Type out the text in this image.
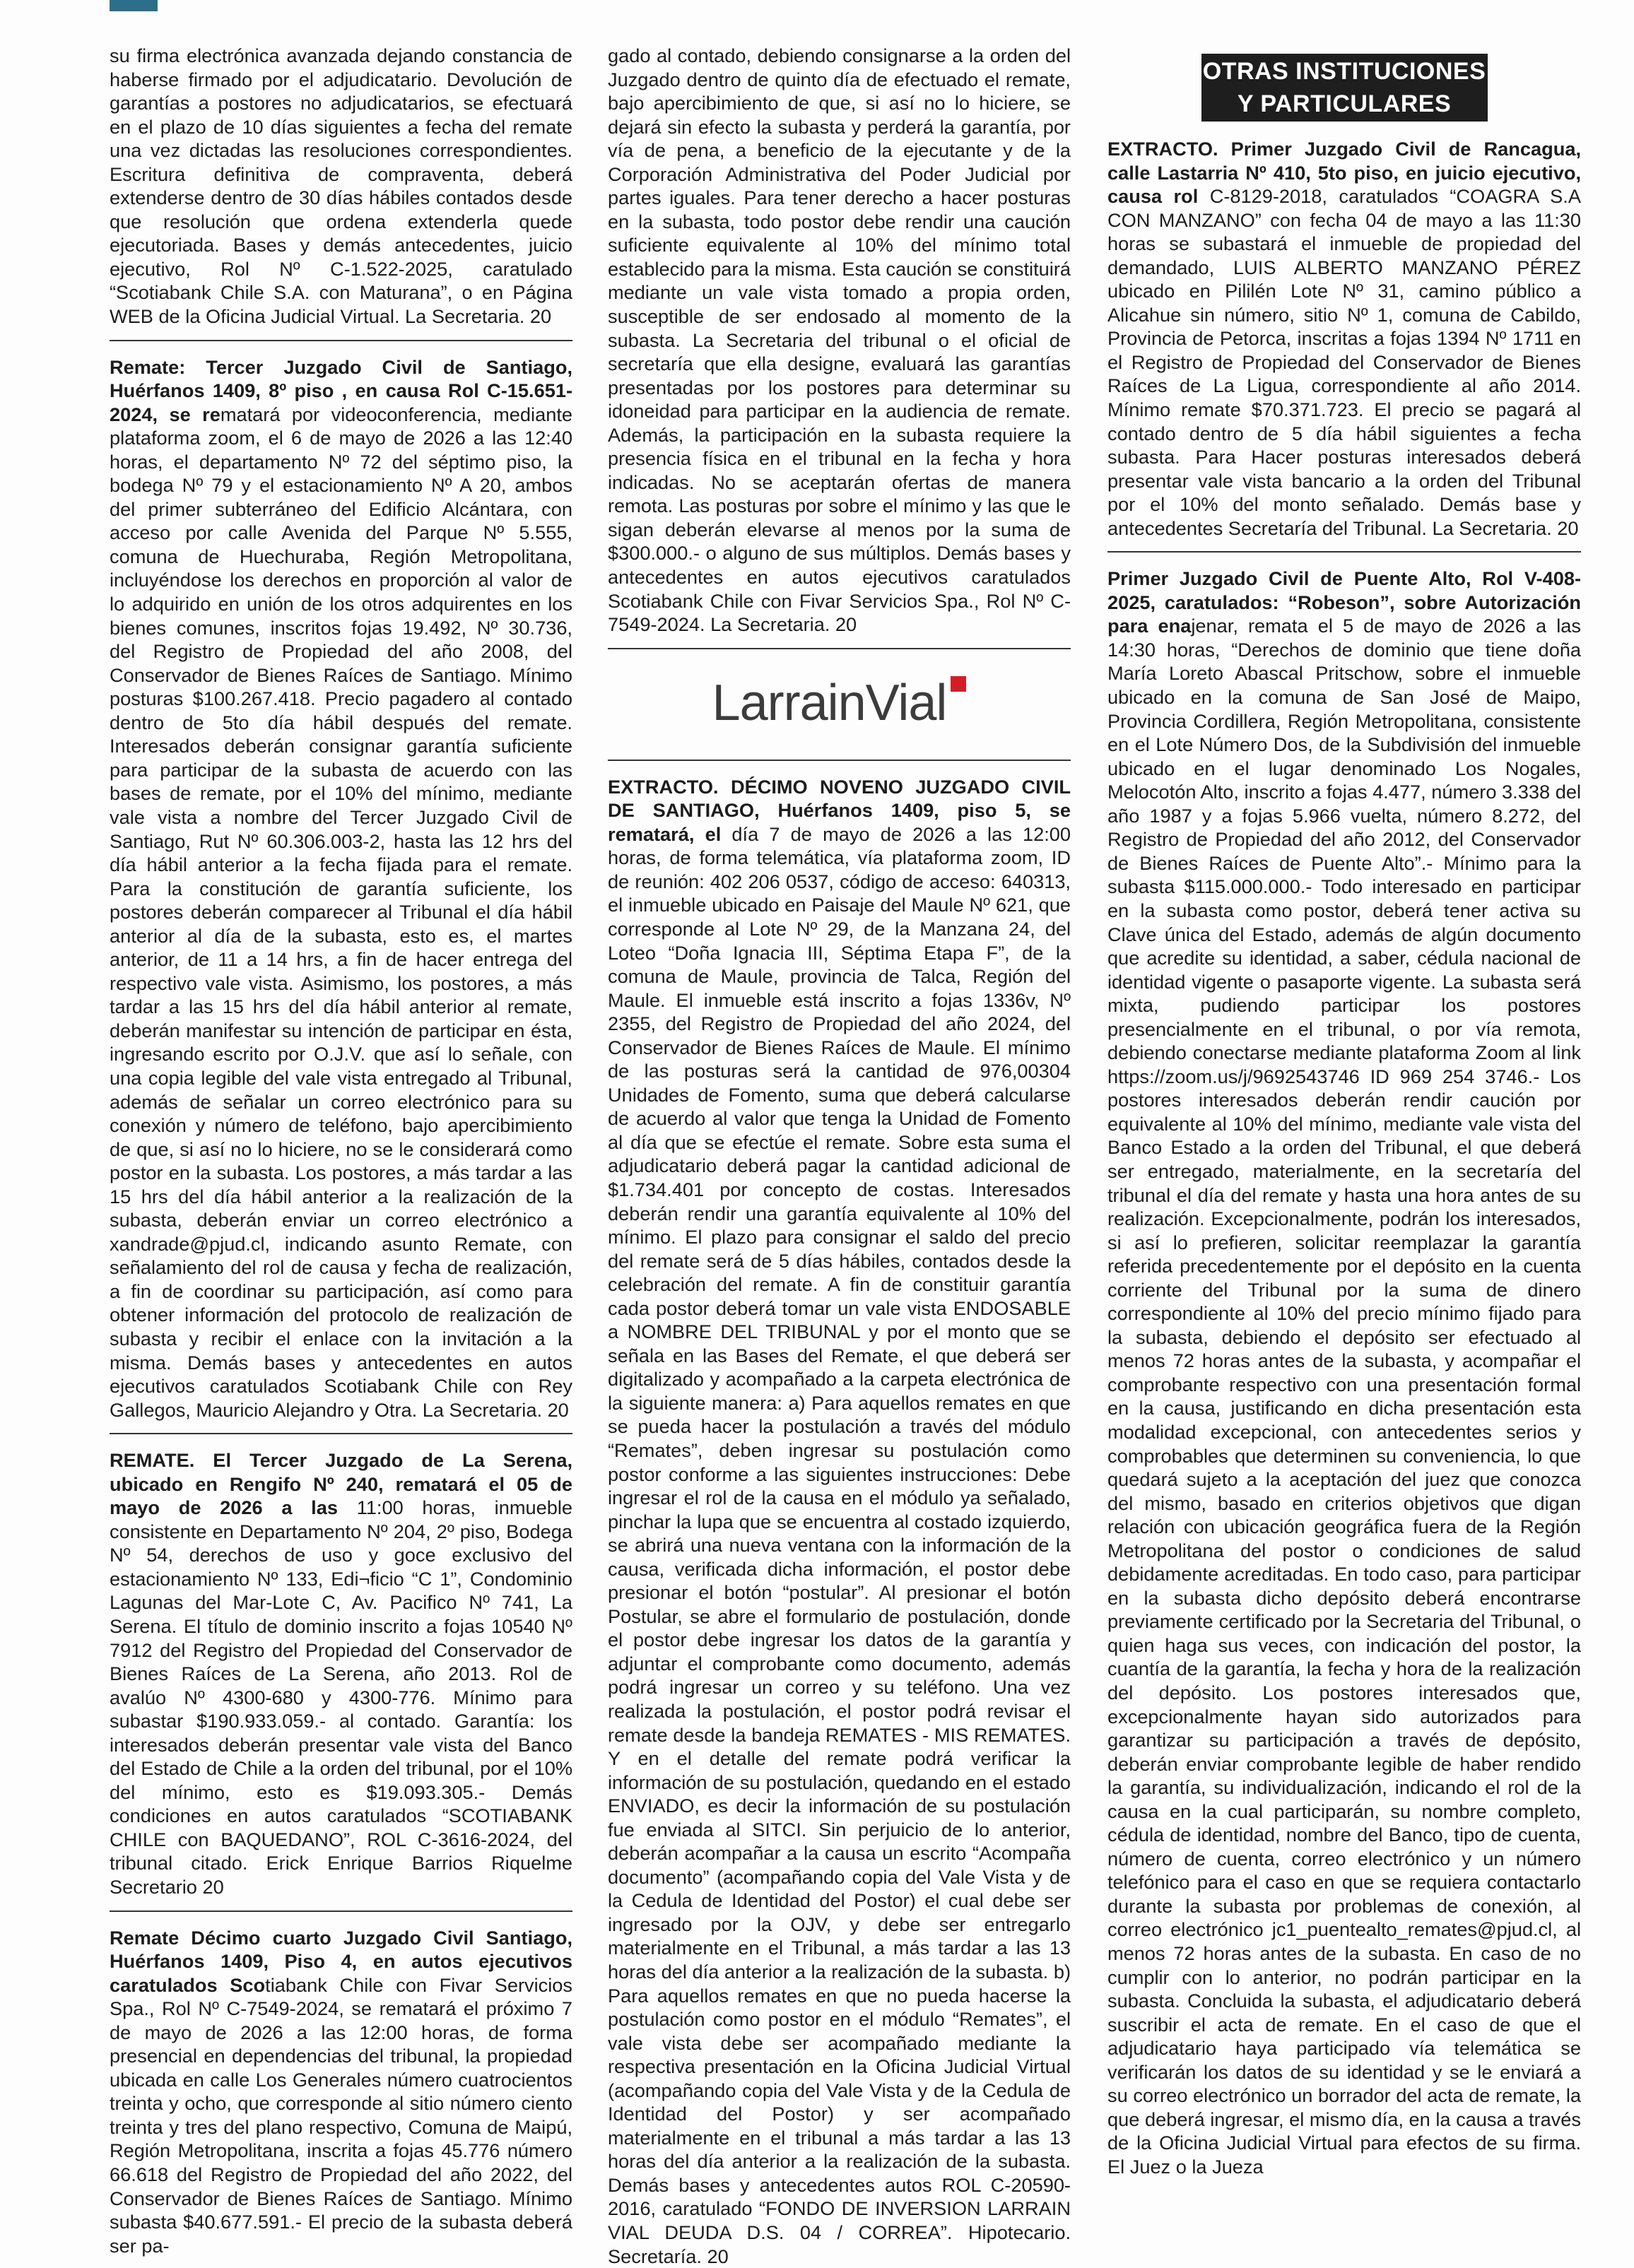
su firma electrónica avanzada dejando constancia de haberse firmado por el adjudicatario. Devolución de garantías a postores no adjudicatarios, se efectuará en el plazo de 10 días siguientes a fecha del remate una vez dictadas las resoluciones correspondientes. Escritura definitiva de compraventa, deberá extenderse dentro de 30 días hábiles contados desde que resolución que ordena extenderla quede ejecutoriada. Bases y demás antecedentes, juicio ejecutivo, Rol Nº C-1.522-2025, caratulado “Scotiabank Chile S.A. con Maturana”, o en Página WEB de la Oficina Judicial Virtual. La Secretaria. 20

Remate: Tercer Juzgado Civil de Santiago, Huérfanos 1409, 8º piso , en causa Rol C-15.651-2024, se rematará por videoconferencia, mediante plataforma zoom, el 6 de mayo de 2026 a las 12:40 horas, el departamento Nº 72 del séptimo piso, la bodega Nº 79 y el estacionamiento Nº A 20, ambos del primer subterráneo del Edificio Alcántara, con acceso por calle Avenida del Parque Nº 5.555, comuna de Huechuraba, Región Metropolitana, incluyéndose los derechos en proporción al valor de lo adquirido en unión de los otros adquirentes en los bienes comunes, inscritos fojas 19.492, Nº 30.736, del Registro de Propiedad del año 2008, del Conservador de Bienes Raíces de Santiago. Mínimo posturas $100.267.418. Precio pagadero al contado dentro de 5to día hábil después del remate. Interesados deberán consignar garantía suficiente para participar de la subasta de acuerdo con las bases de remate, por el 10% del mínimo, mediante vale vista a nombre del Tercer Juzgado Civil de Santiago, Rut Nº 60.306.003-2, hasta las 12 hrs del día hábil anterior a la fecha fijada para el remate. Para la constitución de garantía suficiente, los postores deberán comparecer al Tribunal el día hábil anterior al día de la subasta, esto es, el martes anterior, de 11 a 14 hrs, a fin de hacer entrega del respectivo vale vista. Asimismo, los postores, a más tardar a las 15 hrs del día hábil anterior al remate, deberán manifestar su intención de participar en ésta, ingresando escrito por O.J.V. que así lo señale, con una copia legible del vale vista entregado al Tribunal, además de señalar un correo electrónico para su conexión y número de teléfono, bajo apercibimiento de que, si así no lo hiciere, no se le considerará como postor en la subasta. Los postores, a más tardar a las 15 hrs del día hábil anterior a la realización de la subasta, deberán enviar un correo electrónico a xandrade@pjud.cl, indicando asunto Remate, con señalamiento del rol de causa y fecha de realización, a fin de coordinar su participación, así como para obtener información del protocolo de realización de subasta y recibir el enlace con la invitación a la misma. Demás bases y antecedentes en autos ejecutivos caratulados Scotiabank Chile con Rey Gallegos, Mauricio Alejandro y Otra. La Secretaria. 20

REMATE. El Tercer Juzgado de La Serena, ubicado en Rengifo Nº 240, rematará el 05 de mayo de 2026 a las 11:00 horas, inmueble consistente en Departamento Nº 204, 2º piso, Bodega Nº 54, derechos de uso y goce exclusivo del estacionamiento Nº 133, Edi¬ficio “C 1”, Condominio Lagunas del Mar-Lote C, Av. Pacifico Nº 741, La Serena. El título de dominio inscrito a fojas 10540 Nº 7912 del Registro del Propiedad del Conservador de Bienes Raíces de La Serena, año 2013. Rol de avalúo Nº 4300-680 y 4300-776. Mínimo para subastar $190.933.059.- al contado. Garantía: los interesados deberán presentar vale vista del Banco del Estado de Chile a la orden del tribunal, por el 10% del mínimo, esto es $19.093.305.- Demás condiciones en autos caratulados “SCOTIABANK CHILE con BAQUEDANO”, ROL C-3616-2024, del tribunal citado. Erick Enrique Barrios Riquelme Secretario 20

Remate Décimo cuarto Juzgado Civil Santiago, Huérfanos 1409, Piso 4, en autos ejecutivos caratulados Scotiabank Chile con Fivar Servicios Spa., Rol Nº C-7549-2024, se rematará el próximo 7 de mayo de 2026 a las 12:00 horas, de forma presencial en dependencias del tribunal, la propiedad ubicada en calle Los Generales número cuatrocientos treinta y ocho, que corresponde al sitio número ciento treinta y tres del plano respectivo, Comuna de Maipú, Región Metropolitana, inscrita a fojas 45.776 número 66.618 del Registro de Propiedad del año 2022, del Conservador de Bienes Raíces de Santiago. Mínimo subasta $40.677.591.- El precio de la subasta deberá ser pa-

gado al contado, debiendo consignarse a la orden del Juzgado dentro de quinto día de efectuado el remate, bajo apercibimiento de que, si así no lo hiciere, se dejará sin efecto la subasta y perderá la garantía, por vía de pena, a beneficio de la ejecutante y de la Corporación Administrativa del Poder Judicial por partes iguales. Para tener derecho a hacer posturas en la subasta, todo postor debe rendir una caución suficiente equivalente al 10% del mínimo total establecido para la misma. Esta caución se constituirá mediante un vale vista tomado a propia orden, susceptible de ser endosado al momento de la subasta. La Secretaria del tribunal o el oficial de secretaría que ella designe, evaluará las garantías presentadas por los postores para determinar su idoneidad para participar en la audiencia de remate. Además, la participación en la subasta requiere la presencia física en el tribunal en la fecha y hora indicadas. No se aceptarán ofertas de manera remota. Las posturas por sobre el mínimo y las que le sigan deberán elevarse al menos por la suma de $300.000.- o alguno de sus múltiplos. Demás bases y antecedentes en autos ejecutivos caratulados Scotiabank Chile con Fivar Servicios Spa., Rol Nº C-7549-2024. La Secretaria. 20

LarrainVial

EXTRACTO. DÉCIMO NOVENO JUZGADO CIVIL DE SANTIAGO, Huérfanos 1409, piso 5, se rematará, el día 7 de mayo de 2026 a las 12:00 horas, de forma telemática, vía plataforma zoom, ID de reunión: 402 206 0537, código de acceso: 640313, el inmueble ubicado en Paisaje del Maule Nº 621, que corresponde al Lote Nº 29, de la Manzana 24, del Loteo “Doña Ignacia III, Séptima Etapa F”, de la comuna de Maule, provincia de Talca, Región del Maule. El inmueble está inscrito a fojas 1336v, Nº 2355, del Registro de Propiedad del año 2024, del Conservador de Bienes Raíces de Maule. El mínimo de las posturas será la cantidad de 976,00304 Unidades de Fomento, suma que deberá calcularse de acuerdo al valor que tenga la Unidad de Fomento al día que se efectúe el remate. Sobre esta suma el adjudicatario deberá pagar la cantidad adicional de $1.734.401 por concepto de costas. Interesados deberán rendir una garantía equivalente al 10% del mínimo. El plazo para consignar el saldo del precio del remate será de 5 días hábiles, contados desde la celebración del remate. A fin de constituir garantía cada postor deberá tomar un vale vista ENDOSABLE a NOMBRE DEL TRIBUNAL y por el monto que se señala en las Bases del Remate, el que deberá ser digitalizado y acompañado a la carpeta electrónica de la siguiente manera: a) Para aquellos remates en que se pueda hacer la postulación a través del módulo “Remates”, deben ingresar su postulación como postor conforme a las siguientes instrucciones: Debe ingresar el rol de la causa en el módulo ya señalado, pinchar la lupa que se encuentra al costado izquierdo, se abrirá una nueva ventana con la información de la causa, verificada dicha información, el postor debe presionar el botón “postular”. Al presionar el botón Postular, se abre el formulario de postulación, donde el postor debe ingresar los datos de la garantía y adjuntar el comprobante como documento, además podrá ingresar un correo y su teléfono. Una vez realizada la postulación, el postor podrá revisar el remate desde la bandeja REMATES - MIS REMATES. Y en el detalle del remate podrá verificar la información de su postulación, quedando en el estado ENVIADO, es decir la información de su postulación fue enviada al SITCI. Sin perjuicio de lo anterior, deberán acompañar a la causa un escrito “Acompaña documento” (acompañando copia del Vale Vista y de la Cedula de Identidad del Postor) el cual debe ser ingresado por la OJV, y debe ser entregarlo materialmente en el Tribunal, a más tardar a las 13 horas del día anterior a la realización de la subasta. b) Para aquellos remates en que no pueda hacerse la postulación como postor en el módulo “Remates”, el vale vista debe ser acompañado mediante la respectiva presentación en la Oficina Judicial Virtual (acompañando copia del Vale Vista y de la Cedula de Identidad del Postor) y ser acompañado materialmente en el tribunal a más tardar a las 13 horas del día anterior a la realización de la subasta. Demás bases y antecedentes autos ROL C-20590-2016, caratulado “FONDO DE INVERSION LARRAIN VIAL DEUDA D.S. 04 / CORREA”. Hipotecario. Secretaría. 20

OTRAS INSTITUCIONES
Y PARTICULARES

EXTRACTO. Primer Juzgado Civil de Rancagua, calle Lastarria Nº 410, 5to piso, en juicio ejecutivo, causa rol C-8129-2018, caratulados “COAGRA S.A CON MANZANO” con fecha 04 de mayo a las 11:30 horas se subastará el inmueble de propiedad del demandado, LUIS ALBERTO MANZANO PÉREZ ubicado en Pililén Lote Nº 31, camino público a Alicahue sin número, sitio Nº 1, comuna de Cabildo, Provincia de Petorca, inscritas a fojas 1394 Nº 1711 en el Registro de Propiedad del Conservador de Bienes Raíces de La Ligua, correspondiente al año 2014. Mínimo remate $70.371.723. El precio se pagará al contado dentro de 5 día hábil siguientes a fecha subasta. Para Hacer posturas interesados deberá presentar vale vista bancario a la orden del Tribunal por el 10% del monto señalado. Demás base y antecedentes Secretaría del Tribunal. La Secretaria. 20

Primer Juzgado Civil de Puente Alto, Rol V-408-2025, caratulados: “Robeson”, sobre Autorización para enajenar, remata el 5 de mayo de 2026 a las 14:30 horas, “Derechos de dominio que tiene doña María Loreto Abascal Pritschow, sobre el inmueble ubicado en la comuna de San José de Maipo, Provincia Cordillera, Región Metropolitana, consistente en el Lote Número Dos, de la Subdivisión del inmueble ubicado en el lugar denominado Los Nogales, Melocotón Alto, inscrito a fojas 4.477, número 3.338 del año 1987 y a fojas 5.966 vuelta, número 8.272, del Registro de Propiedad del año 2012, del Conservador de Bienes Raíces de Puente Alto”.- Mínimo para la subasta $115.000.000.- Todo interesado en participar en la subasta como postor, deberá tener activa su Clave única del Estado, además de algún documento que acredite su identidad, a saber, cédula nacional de identidad vigente o pasaporte vigente. La subasta será mixta, pudiendo participar los postores presencialmente en el tribunal, o por vía remota, debiendo conectarse mediante plataforma Zoom al link https://zoom.us/j/9692543746 ID 969 254 3746.- Los postores interesados deberán rendir caución por equivalente al 10% del mínimo, mediante vale vista del Banco Estado a la orden del Tribunal, el que deberá ser entregado, materialmente, en la secretaría del tribunal el día del remate y hasta una hora antes de su realización. Excepcionalmente, podrán los interesados, si así lo prefieren, solicitar reemplazar la garantía referida precedentemente por el depósito en la cuenta corriente del Tribunal por la suma de dinero correspondiente al 10% del precio mínimo fijado para la subasta, debiendo el depósito ser efectuado al menos 72 horas antes de la subasta, y acompañar el comprobante respectivo con una presentación formal en la causa, justificando en dicha presentación esta modalidad excepcional, con antecedentes serios y comprobables que determinen su conveniencia, lo que quedará sujeto a la aceptación del juez que conozca del mismo, basado en criterios objetivos que digan relación con ubicación geográfica fuera de la Región Metropolitana del postor o condiciones de salud debidamente acreditadas. En todo caso, para participar en la subasta dicho depósito deberá encontrarse previamente certificado por la Secretaria del Tribunal, o quien haga sus veces, con indicación del postor, la cuantía de la garantía, la fecha y hora de la realización del depósito. Los postores interesados que, excepcionalmente hayan sido autorizados para garantizar su participación a través de depósito, deberán enviar comprobante legible de haber rendido la garantía, su individualización, indicando el rol de la causa en la cual participarán, su nombre completo, cédula de identidad, nombre del Banco, tipo de cuenta, número de cuenta, correo electrónico y un número telefónico para el caso en que se requiera contactarlo durante la subasta por problemas de conexión, al correo electrónico jc1_puentealto_remates@pjud.cl, al menos 72 horas antes de la subasta. En caso de no cumplir con lo anterior, no podrán participar en la subasta. Concluida la subasta, el adjudicatario deberá suscribir el acta de remate. En el caso de que el adjudicatario haya participado vía telemática se verificarán los datos de su identidad y se le enviará a su correo electrónico un borrador del acta de remate, la que deberá ingresar, el mismo día, en la causa a través de la Oficina Judicial Virtual para efectos de su firma. El Juez o la Jueza
